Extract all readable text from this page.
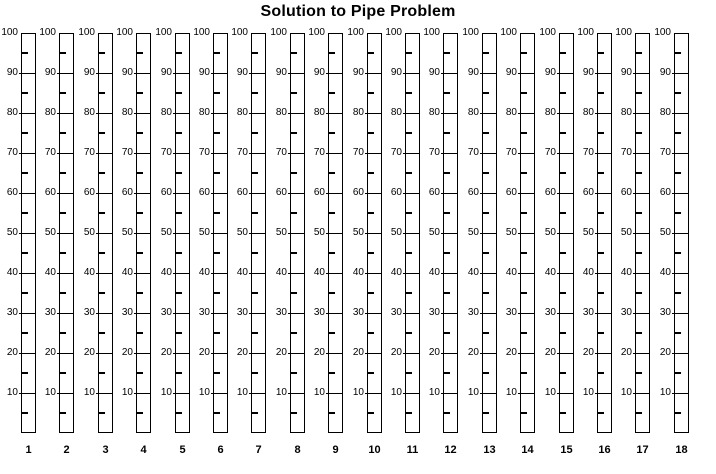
Solution to Pipe Problem
100
90
80
70
60
50
40
30
20
10
1
100
90
80
70
60
50
40
30
20
10
2
100
90
80
70
60
50
40
30
20
10
3
100
90
80
70
60
50
40
30
20
10
4
100
90
80
70
60
50
40
30
20
10
5
100
90
80
70
60
50
40
30
20
10
6
100
90
80
70
60
50
40
30
20
10
7
100
90
80
70
60
50
40
30
20
10
8
100
90
80
70
60
50
40
30
20
10
9
100
90
80
70
60
50
40
30
20
10
10
100
90
80
70
60
50
40
30
20
10
11
100
90
80
70
60
50
40
30
20
10
12
100
90
80
70
60
50
40
30
20
10
13
100
90
80
70
60
50
40
30
20
10
14
100
90
80
70
60
50
40
30
20
10
15
100
90
80
70
60
50
40
30
20
10
16
100
90
80
70
60
50
40
30
20
10
17
100
90
80
70
60
50
40
30
20
10
18
